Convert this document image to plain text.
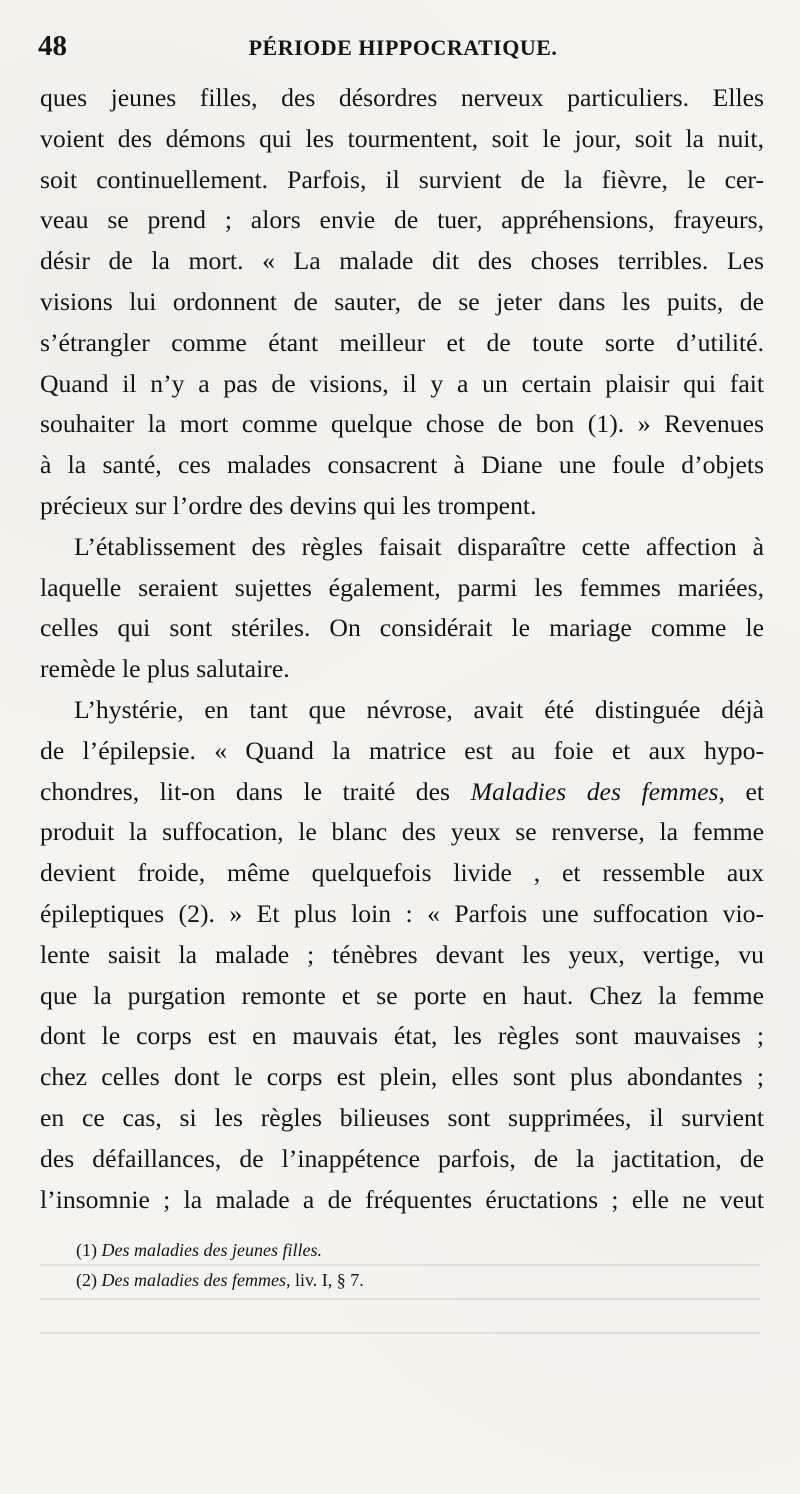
48	PÉRIODE HIPPOCRATIQUE.
ques jeunes filles, des désordres nerveux particuliers. Elles
voient des démons qui les tourmentent, soit le jour, soit la nuit,
soit continuellement. Parfois, il survient de la fièvre, le cer-
veau se prend ; alors envie de tuer, appréhensions, frayeurs,
désir de la mort. « La malade dit des choses terribles. Les
visions lui ordonnent de sauter, de se jeter dans les puits, de
s’étrangler comme étant meilleur et de toute sorte d’utilité.
Quand il n’y a pas de visions, il y a un certain plaisir qui fait
souhaiter la mort comme quelque chose de bon (1). » Revenues
à la santé, ces malades consacrent à Diane une foule d’objets
précieux sur l’ordre des devins qui les trompent.
L’établissement des règles faisait disparaître cette affection à
laquelle seraient sujettes également, parmi les femmes mariées,
celles qui sont stériles. On considérait le mariage comme le
remède le plus salutaire.
L’hystérie, en tant que névrose, avait été distinguée déjà
de l’épilepsie. « Quand la matrice est au foie et aux hypo-
chondres, lit-on dans le traité des Maladies des femmes, et
produit la suffocation, le blanc des yeux se renverse, la femme
devient froide, même quelquefois livide , et ressemble aux
épileptiques (2). » Et plus loin : « Parfois une suffocation vio-
lente saisit la malade ; ténèbres devant les yeux, vertige, vu
que la purgation remonte et se porte en haut. Chez la femme
dont le corps est en mauvais état, les règles sont mauvaises ;
chez celles dont le corps est plein, elles sont plus abondantes ;
en ce cas, si les règles bilieuses sont supprimées, il survient
des défaillances, de l’inappétence parfois, de la jactitation, de
l’insomnie ; la malade a de fréquentes éructations ; elle ne veut
(1) Des maladies des jeunes filles.
(2) Des maladies des femmes, liv. I, § 7.
